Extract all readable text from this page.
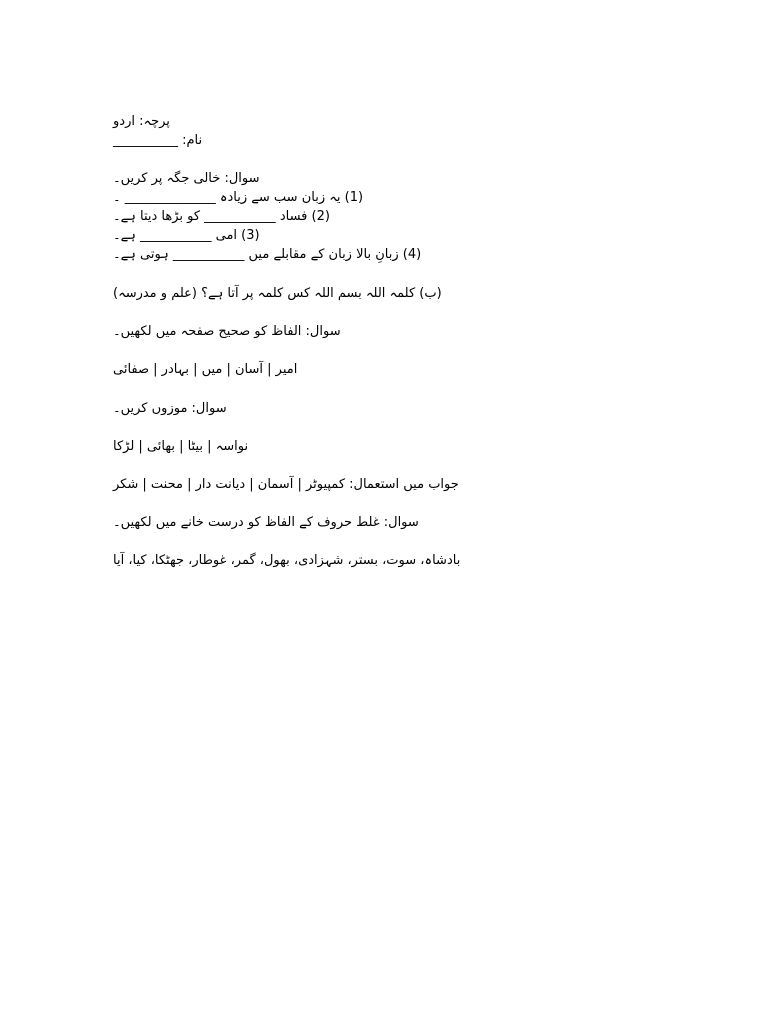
پرچہ: اردو
نام: __________
سوال: خالی جگہ پر کریں۔
(1) یہ زبان سب سے زیادہ ______________ ۔
(2) فساد ___________ کو بڑھا دیتا ہے۔
(3) امی ___________ ہے۔
(4) زبانِ بالا زبان کے مقابلے میں ___________ ہوتی ہے۔
(ب) کلمہ اللہ بسم اللہ کس کلمہ پر آتا ہے؟ (علم و مدرسہ)
سوال: الفاظ کو صحیح صفحہ میں لکھیں۔
امیر | آسان | میں | بہادر | صفائی
سوال: موزوں کریں۔
نواسہ | بیٹا | بھائی | لڑکا
جواب میں استعمال: کمپیوٹر | آسمان | دیانت دار | محنت | شکر
سوال: غلط حروف کے الفاظ کو درست خانے میں لکھیں۔
بادشاہ، سوت، بستر، شہزادی، بھول، گمر، غوطار، جھٹکا، کیا، آیا
